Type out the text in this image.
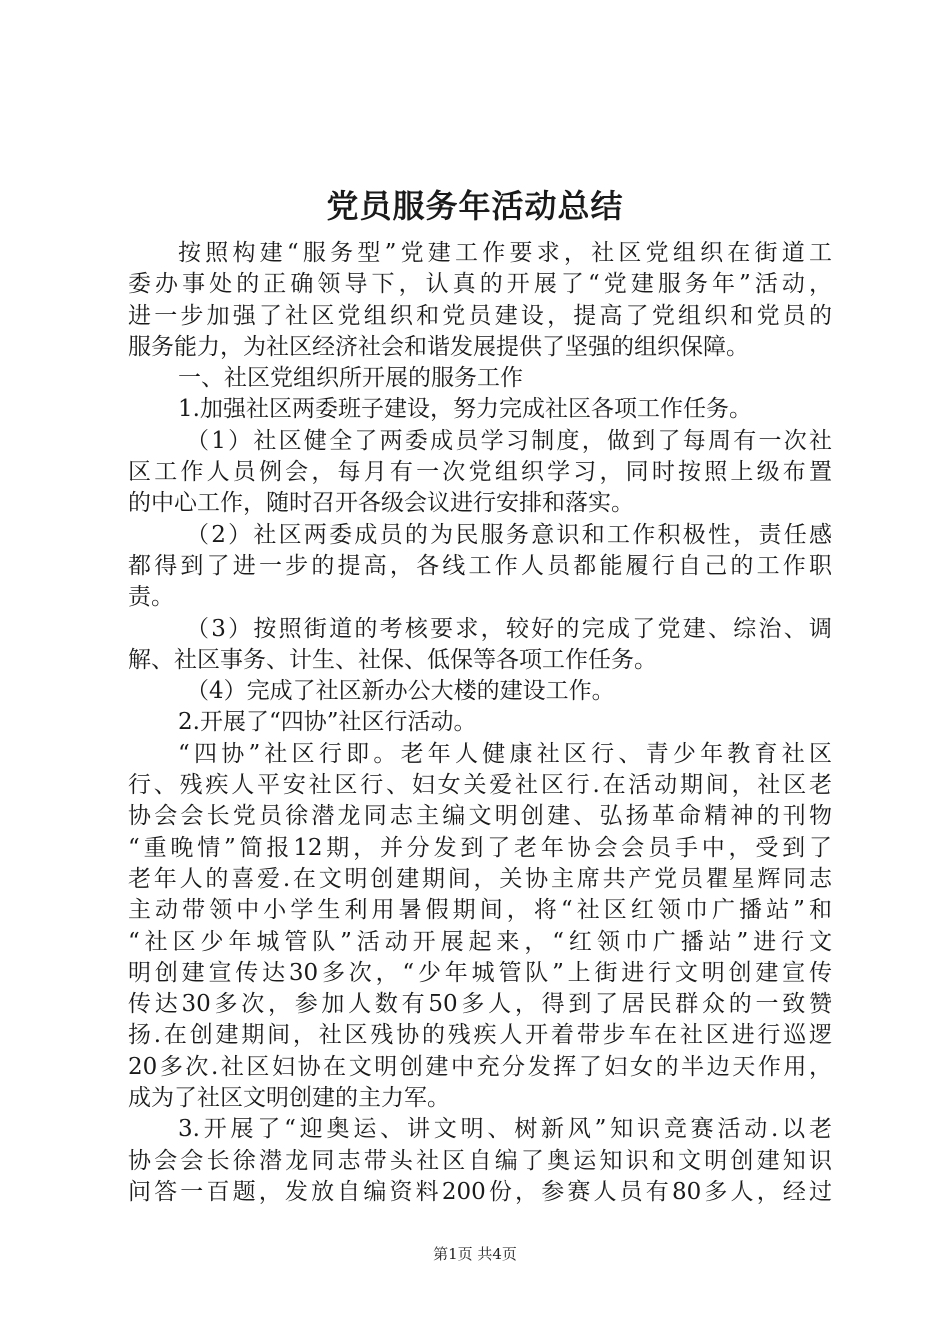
党员服务年活动总结
按照构建“服务型”党建工作要求，社区党组织在街道工
委办事处的正确领导下，认真的开展了“党建服务年”活动，
进一步加强了社区党组织和党员建设，提高了党组织和党员的
服务能力，为社区经济社会和谐发展提供了坚强的组织保障。
一、社区党组织所开展的服务工作
1.加强社区两委班子建设，努力完成社区各项工作任务。
（1）社区健全了两委成员学习制度，做到了每周有一次社
区工作人员例会，每月有一次党组织学习，同时按照上级布置
的中心工作，随时召开各级会议进行安排和落实。
（2）社区两委成员的为民服务意识和工作积极性，责任感
都得到了进一步的提高，各线工作人员都能履行自己的工作职
责。
（3）按照街道的考核要求，较好的完成了党建、综治、调
解、社区事务、计生、社保、低保等各项工作任务。
（4）完成了社区新办公大楼的建设工作。
2.开展了“四协”社区行活动。
“四协”社区行即。老年人健康社区行、青少年教育社区
行、残疾人平安社区行、妇女关爱社区行.在活动期间，社区老
协会会长党员徐潜龙同志主编文明创建、弘扬革命精神的刊物
“重晚情”简报12期，并分发到了老年协会会员手中，受到了
老年人的喜爱.在文明创建期间，关协主席共产党员瞿星辉同志
主动带领中小学生利用暑假期间，将“社区红领巾广播站”和
“社区少年城管队”活动开展起来，“红领巾广播站”进行文
明创建宣传达30多次，“少年城管队”上街进行文明创建宣传
传达30多次，参加人数有50多人，得到了居民群众的一致赞
扬.在创建期间，社区残协的残疾人开着带步车在社区进行巡逻
20多次.社区妇协在文明创建中充分发挥了妇女的半边天作用，
成为了社区文明创建的主力军。
3.开展了“迎奥运、讲文明、树新风”知识竞赛活动.以老
协会会长徐潜龙同志带头社区自编了奥运知识和文明创建知识
问答一百题，发放自编资料200份，参赛人员有80多人，经过
第1页 共4页
